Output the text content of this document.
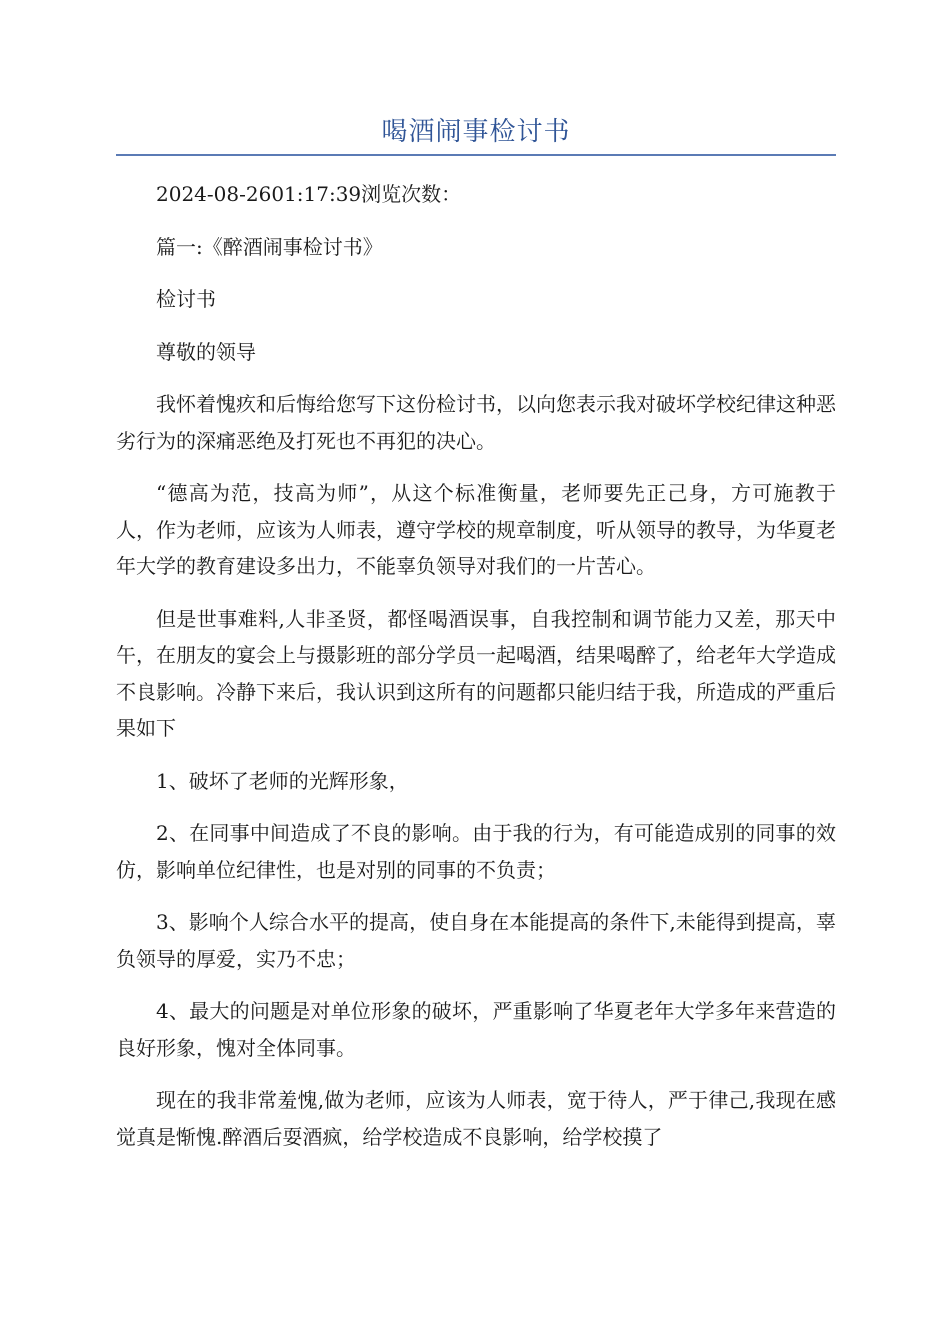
喝酒闹事检讨书

2024-08-2601:17:39浏览次数：

篇一:《醉酒闹事检讨书》

检讨书

尊敬的领导

我怀着愧疚和后悔给您写下这份检讨书，以向您表示我对破坏学校纪律这种恶劣行为的深痛恶绝及打死也不再犯的决心。

“德高为范，技高为师”，从这个标准衡量，老师要先正己身，方可施教于人，作为老师，应该为人师表，遵守学校的规章制度，听从领导的教导，为华夏老年大学的教育建设多出力，不能辜负领导对我们的一片苦心。

但是世事难料,人非圣贤，都怪喝酒误事，自我控制和调节能力又差，那天中午，在朋友的宴会上与摄影班的部分学员一起喝酒，结果喝醉了，给老年大学造成不良影响。冷静下来后，我认识到这所有的问题都只能归结于我，所造成的严重后果如下

1、破坏了老师的光辉形象，

2、在同事中间造成了不良的影响。由于我的行为，有可能造成别的同事的效仿，影响单位纪律性，也是对别的同事的不负责；

3、影响个人综合水平的提高，使自身在本能提高的条件下,未能得到提高，辜负领导的厚爱，实乃不忠；

4、最大的问题是对单位形象的破坏，严重影响了华夏老年大学多年来营造的良好形象，愧对全体同事。

现在的我非常羞愧,做为老师，应该为人师表，宽于待人，严于律己,我现在感觉真是惭愧.醉酒后耍酒疯，给学校造成不良影响，给学校摸了
